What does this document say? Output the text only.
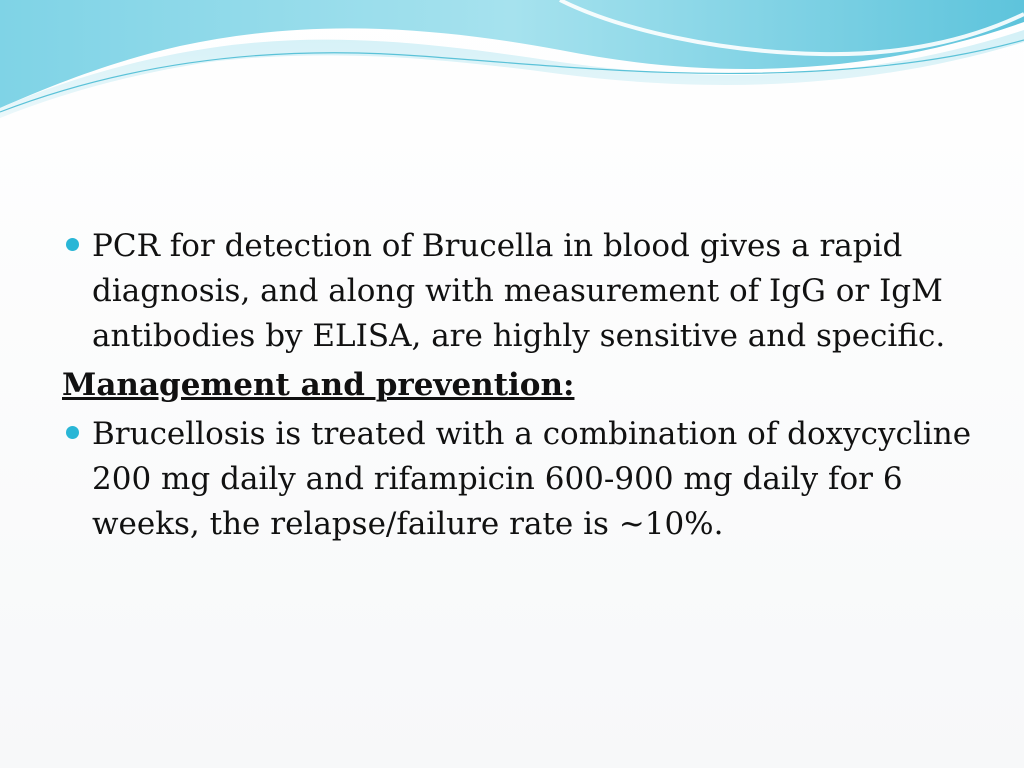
PCR for detection of Brucella in blood gives a rapid diagnosis, and along with measurement of IgG or IgM antibodies by ELISA, are highly sensitive and specific.
Management and prevention:
Brucellosis is treated with a combination of doxycycline 200 mg daily and rifampicin 600-900 mg daily for 6 weeks, the relapse/failure rate is ~10%.
